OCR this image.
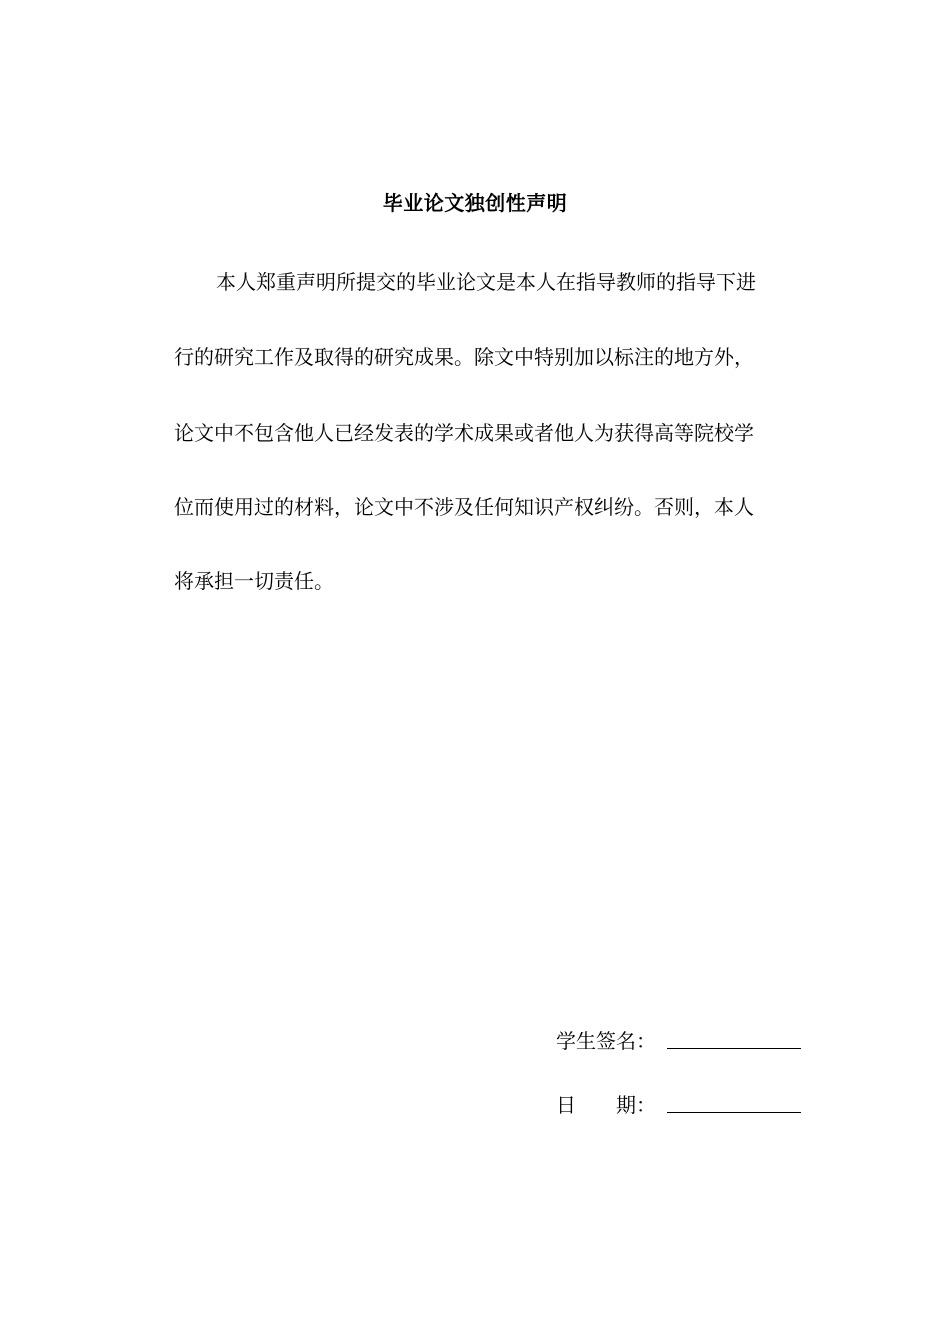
毕业论文独创性声明
本人郑重声明所提交的毕业论文是本人在指导教师的指导下进
行的研究工作及取得的研究成果。除文中特别加以标注的地方外，
论文中不包含他人已经发表的学术成果或者他人为获得高等院校学
位而使用过的材料，论文中不涉及任何知识产权纠纷。否则，本人
将承担一切责任。
学生签名：
日　　期：
